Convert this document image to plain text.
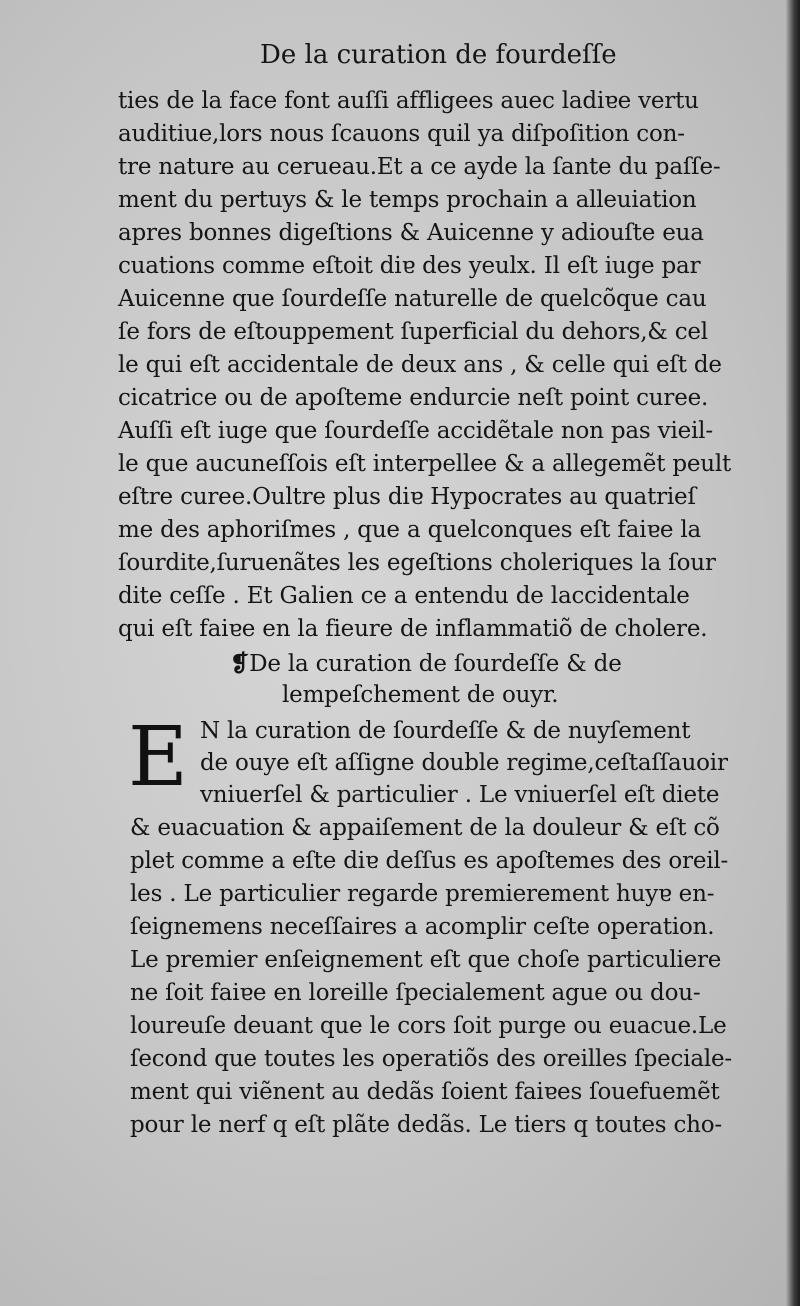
De la curation de fourdeſſe
ties de la face font auſſi affligees auec ladiɐe vertu
auditiue,lors nous ſcauons quil ya diſpoſition con-
tre nature au cerueau.Et a ce ayde la ſante du paſſe-
ment du pertuys & le temps prochain a alleuiation
apres bonnes digeſtions & Auicenne y adiouſte eua
cuations comme eſtoit diɐ des yeulx. Il eſt iuge par
Auicenne que ſourdeſſe naturelle de quelcõque cau
ſe fors de eſtouppement ſuperficial du dehors,& cel
le qui eſt accidentale de deux ans , & celle qui eſt de
cicatrice ou de apoſteme endurcie neſt point curee.
Auſſi eſt iuge que ſourdeſſe accidẽtale non pas vieil-
le que aucuneſſois eſt interpellee & a allegemẽt peult
eſtre curee.Oultre plus diɐ Hypocrates au quatrieſ
me des aphoriſmes , que a quelconques eſt faiɐe la
ſourdite,ſuruenãtes les egeſtions choleriques la ſour
dite ceſſe . Et Galien ce a entendu de laccidentale
qui eſt faiɐe en la fieure de inflammatiõ de cholere.
❡De la curation de ſourdeſſe & de
lempeſchement de ouyr.
E N la curation de ſourdeſſe & de nuyſement
de ouye eſt aſſigne double regime,ceſtaſſauoir
vniuerſel & particulier . Le vniuerſel eſt diete
& euacuation & appaiſement de la douleur & eſt cõ
plet comme a eſte diɐ deſſus es apoſtemes des oreil-
les . Le particulier regarde premierement huyɐ en-
ſeignemens neceſſaires a acomplir ceſte operation.
Le premier enſeignement eſt que choſe particuliere
ne ſoit faiɐe en loreille ſpecialement ague ou dou-
loureuſe deuant que le cors ſoit purge ou euacue.Le
ſecond que toutes les operatiõs des oreilles ſpeciale-
ment qui viẽnent au dedãs ſoient faiɐes ſouefuemẽt
pour le nerf q eſt plãte dedãs. Le tiers q toutes cho-
